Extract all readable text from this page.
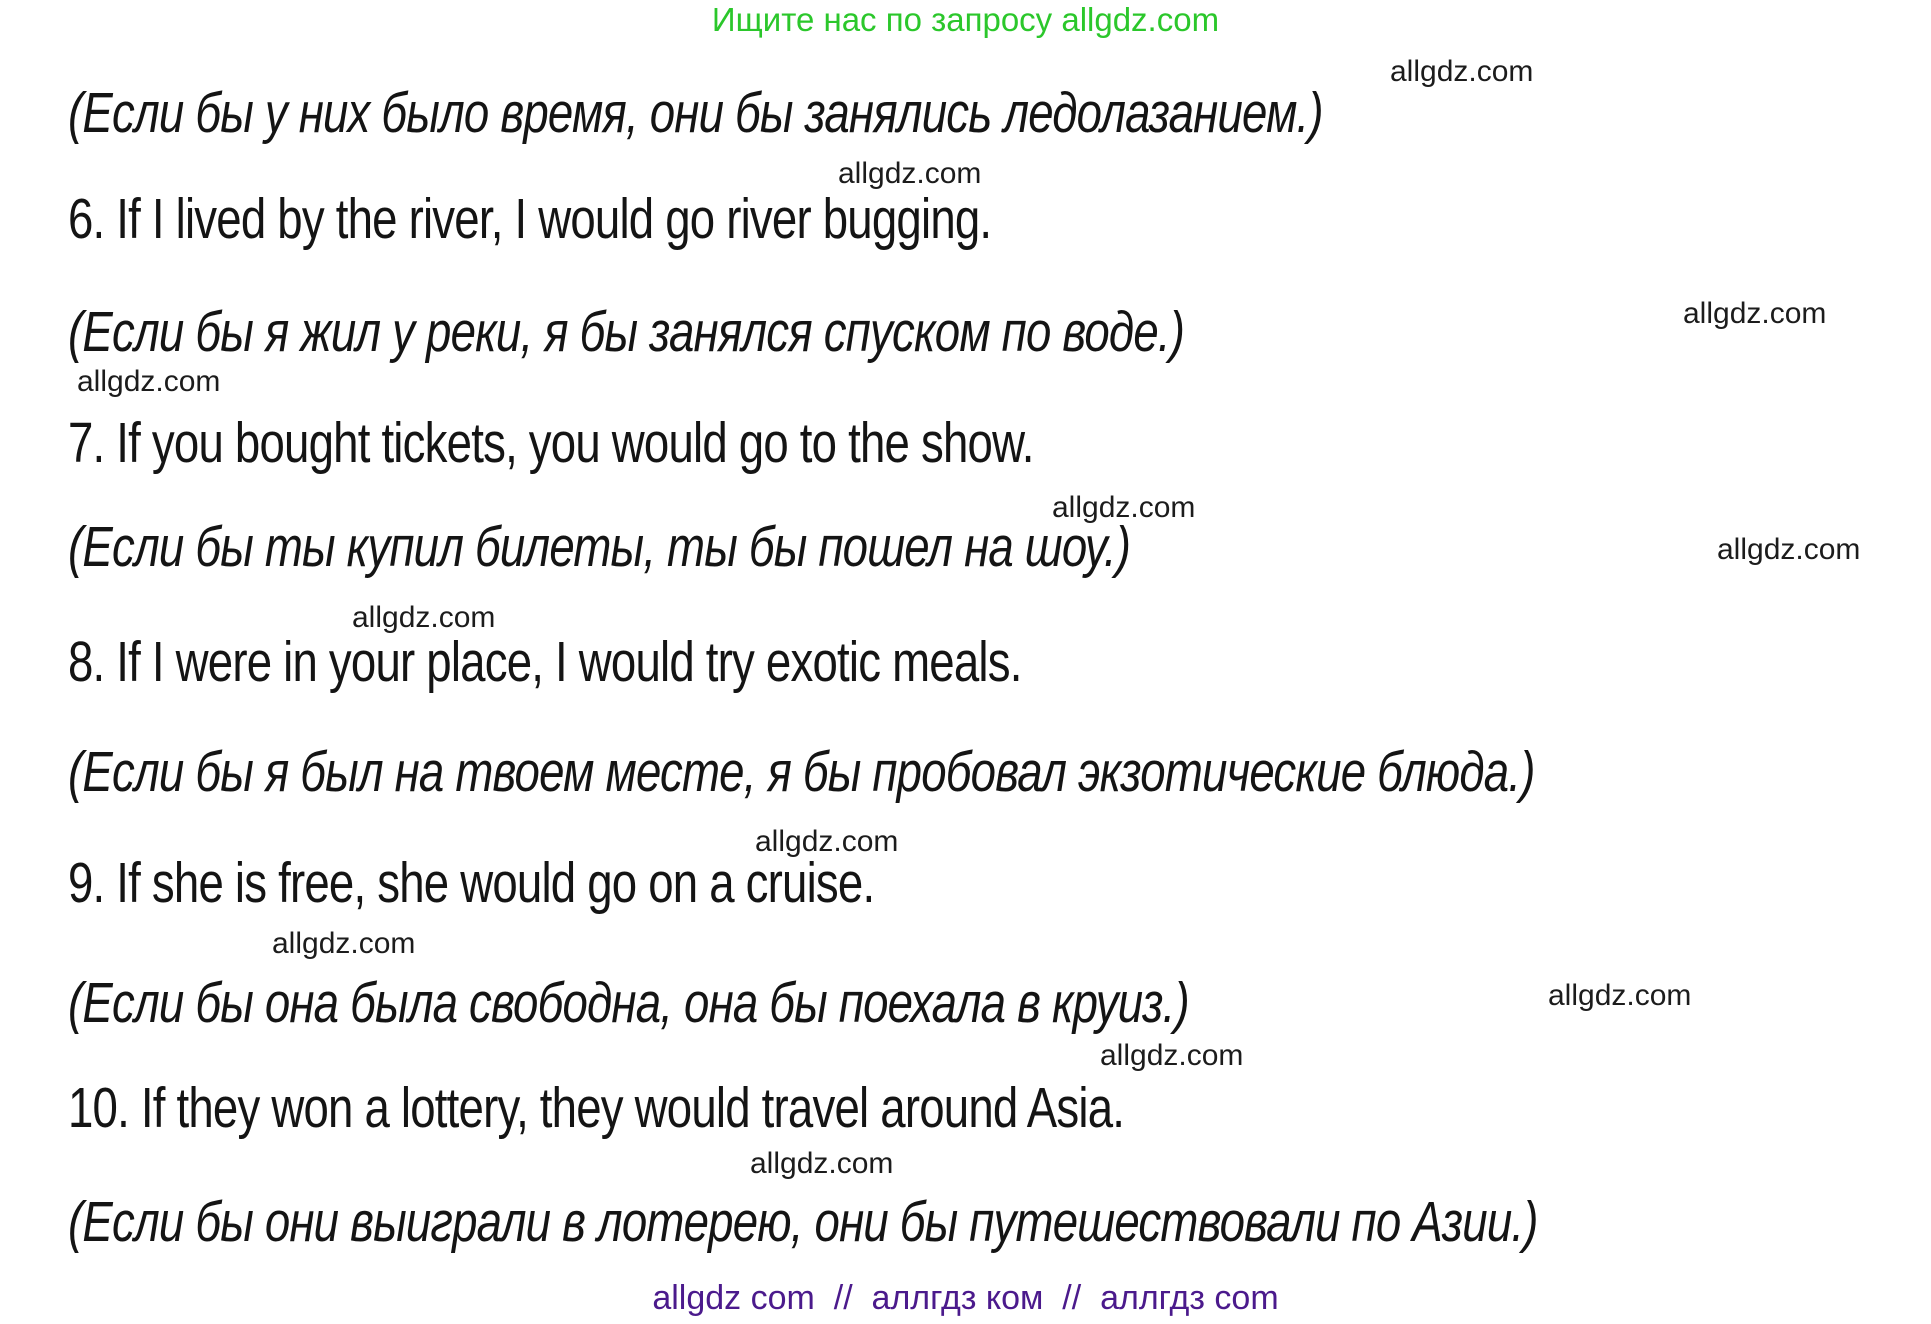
Ищите нас по запросу allgdz.com
allgdz.com
(Если бы у них было время, они бы занялись ледолазанием.)
allgdz.com
6. If I lived by the river, I would go river bugging.
(Если бы я жил у реки, я бы занялся спуском по воде.)	allgdz.com
allgdz.com
7. If you bought tickets, you would go to the show.
allgdz.com
(Если бы ты купил билеты, ты бы пошел на шоу.)	allgdz.com
allgdz.com
8. If I were in your place, I would try exotic meals.
(Если бы я был на твоем месте, я бы пробовал экзотические блюда.)
allgdz.com
9. If she is free, she would go on a cruise.
allgdz.com
(Если бы она была свободна, она бы поехала в круиз.)	allgdz.com
allgdz.com
10. If they won a lottery, they would travel around Asia.
allgdz.com
(Если бы они выиграли в лотерею, они бы путешествовали по Азии.)
allgdz com  //  аллгдз ком  //  аллгдз com
